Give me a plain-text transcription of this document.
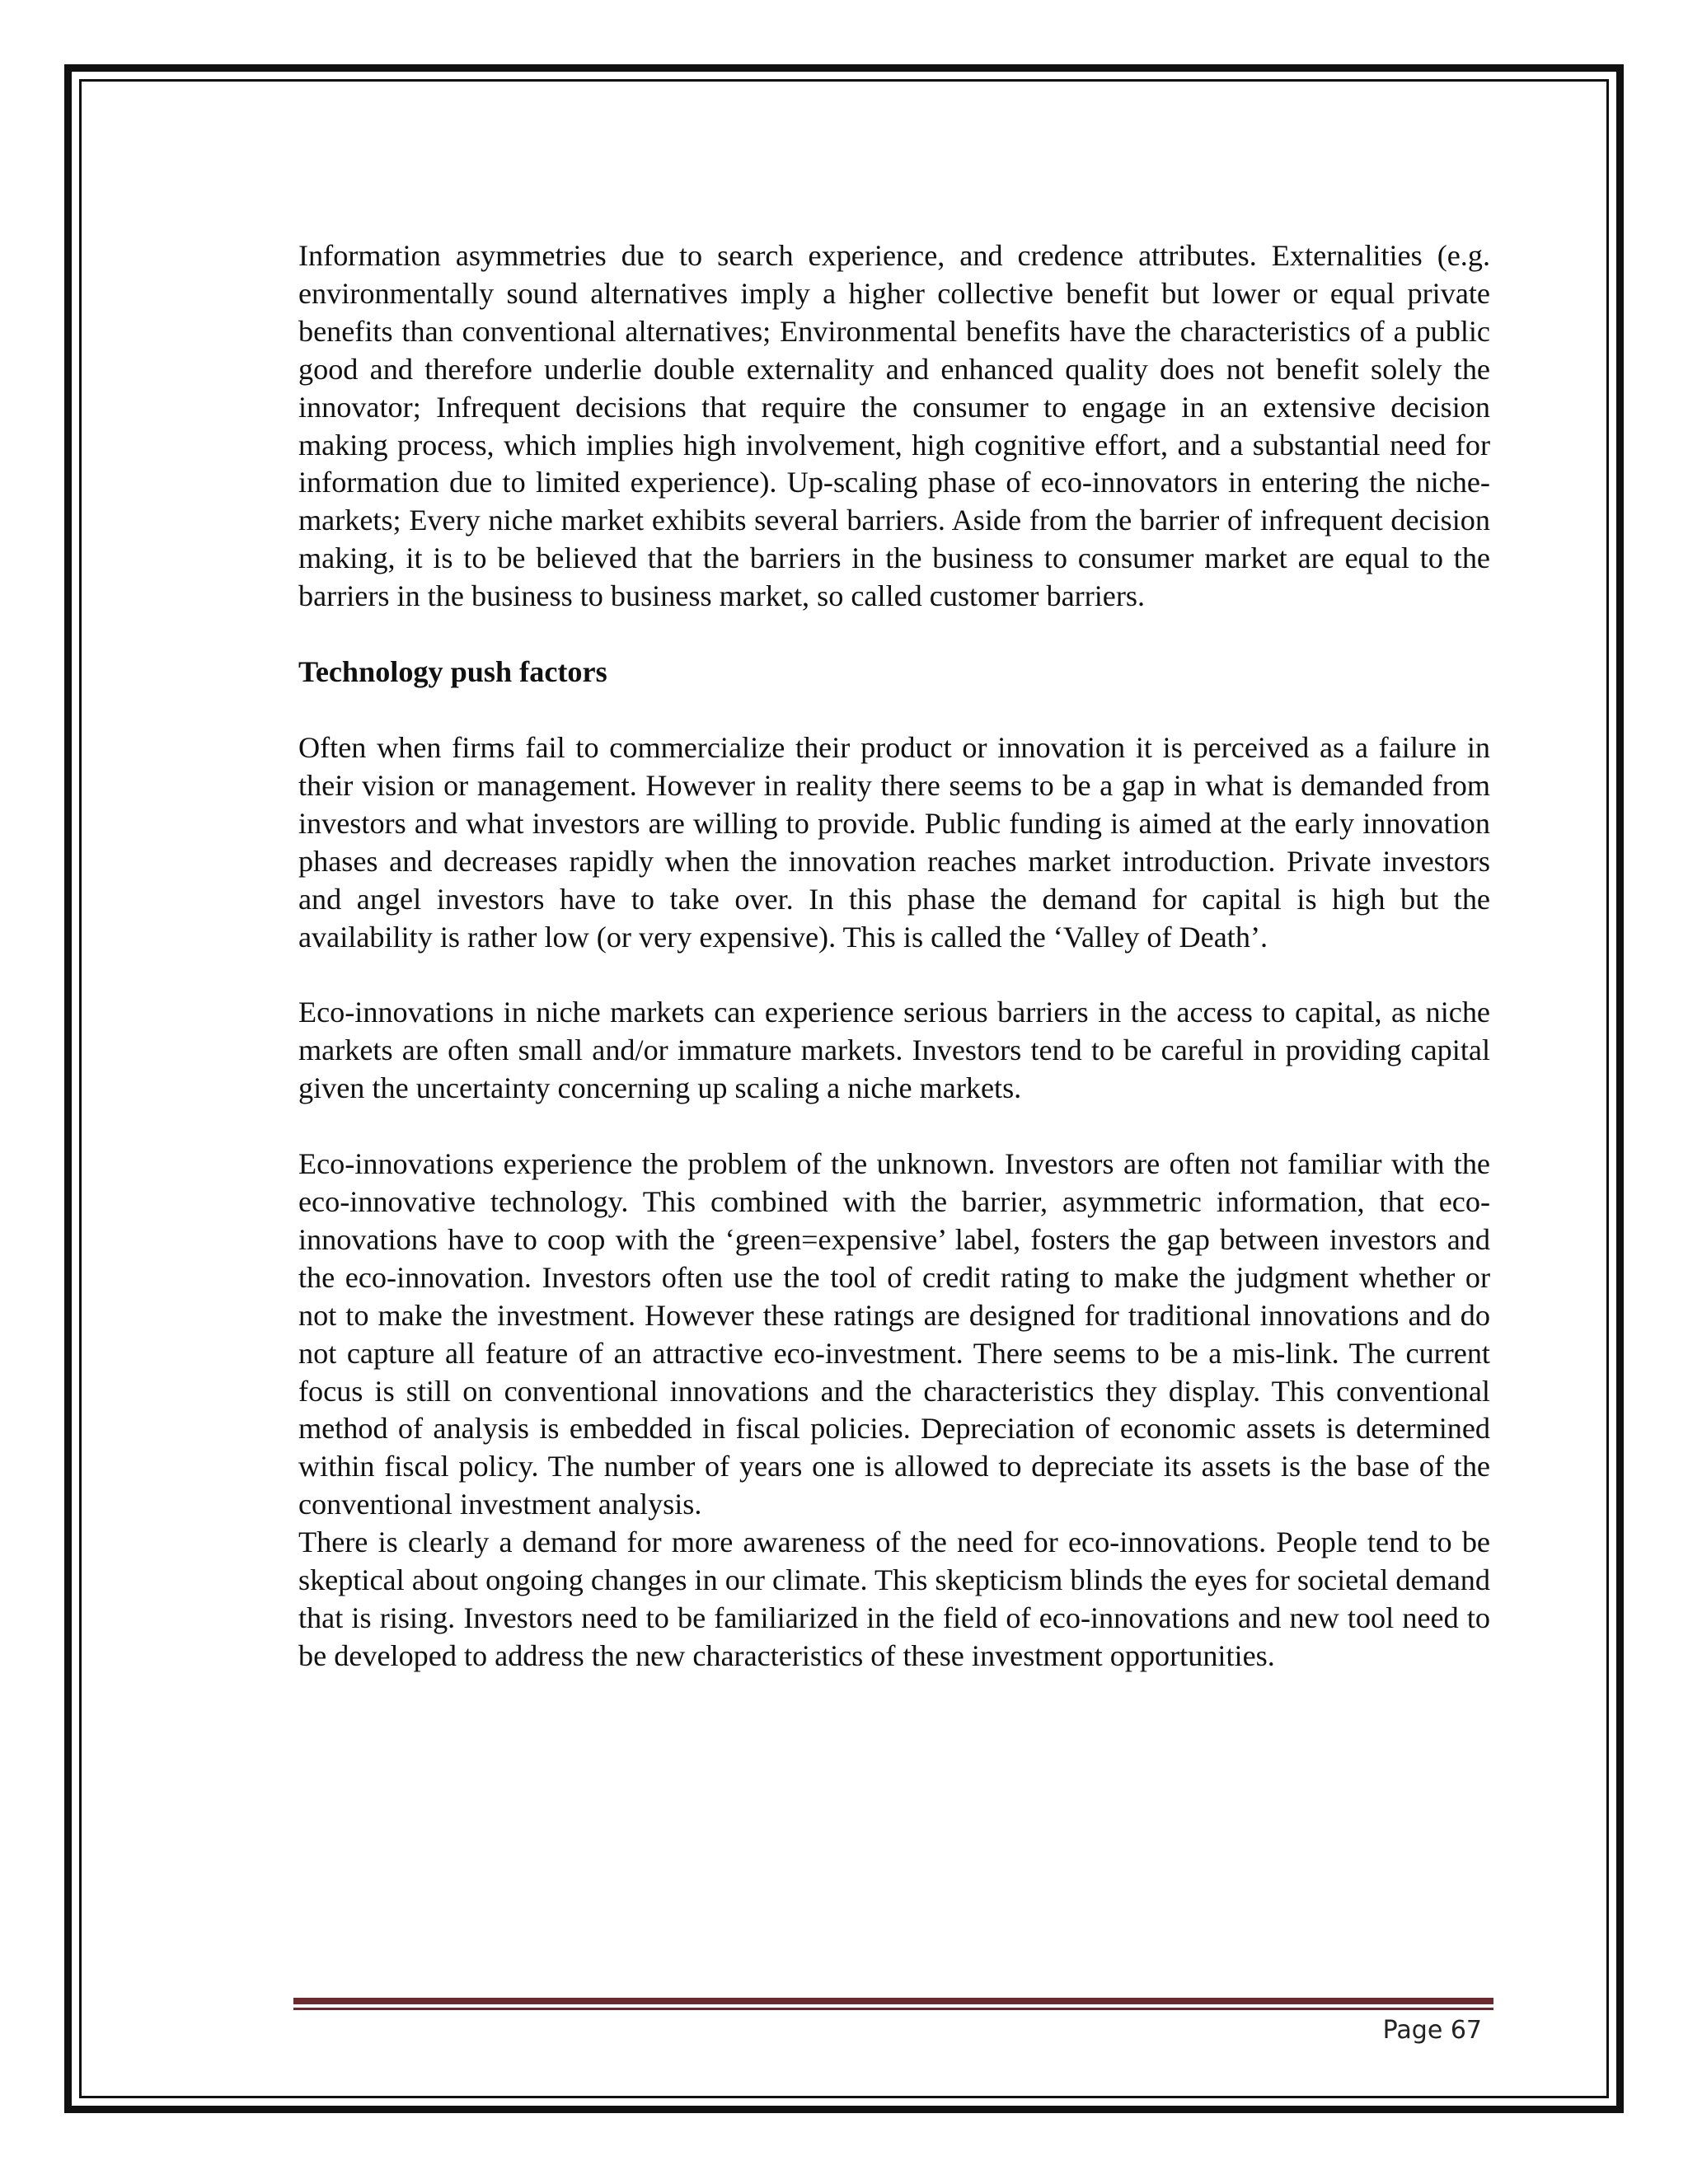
Information asymmetries due to search experience, and credence attributes. Externalities (e.g. environmentally sound alternatives imply a higher collective benefit but lower or equal private benefits than conventional alternatives; Environmental benefits have the characteristics of a public good and therefore underlie double externality and enhanced quality does not benefit solely the innovator; Infrequent decisions that require the consumer to engage in an extensive decision making process, which implies high involvement, high cognitive effort, and a substantial need for information due to limited experience). Up-scaling phase of eco-innovators in entering the niche-markets; Every niche market exhibits several barriers. Aside from the barrier of infrequent decision making, it is to be believed that the barriers in the business to consumer market are equal to the barriers in the business to business market, so called customer barriers.

Technology push factors

Often when firms fail to commercialize their product or innovation it is perceived as a failure in their vision or management. However in reality there seems to be a gap in what is demanded from investors and what investors are willing to provide. Public funding is aimed at the early innovation phases and decreases rapidly when the innovation reaches market introduction. Private investors and angel investors have to take over. In this phase the demand for capital is high but the availability is rather low (or very expensive). This is called the ‘Valley of Death’.

Eco-innovations in niche markets can experience serious barriers in the access to capital, as niche markets are often small and/or immature markets. Investors tend to be careful in providing capital given the uncertainty concerning up scaling a niche markets.

Eco-innovations experience the problem of the unknown. Investors are often not familiar with the eco-innovative technology. This combined with the barrier, asymmetric information, that eco-innovations have to coop with the ‘green=expensive’ label, fosters the gap between investors and the eco-innovation. Investors often use the tool of credit rating to make the judgment whether or not to make the investment. However these ratings are designed for traditional innovations and do not capture all feature of an attractive eco-investment. There seems to be a mis-link. The current focus is still on conventional innovations and the characteristics they display. This conventional method of analysis is embedded in fiscal policies. Depreciation of economic assets is determined within fiscal policy. The number of years one is allowed to depreciate its assets is the base of the conventional investment analysis.

There is clearly a demand for more awareness of the need for eco-innovations. People tend to be skeptical about ongoing changes in our climate. This skepticism blinds the eyes for societal demand that is rising. Investors need to be familiarized in the field of eco-innovations and new tool need to be developed to address the new characteristics of these investment opportunities.

Page 67
